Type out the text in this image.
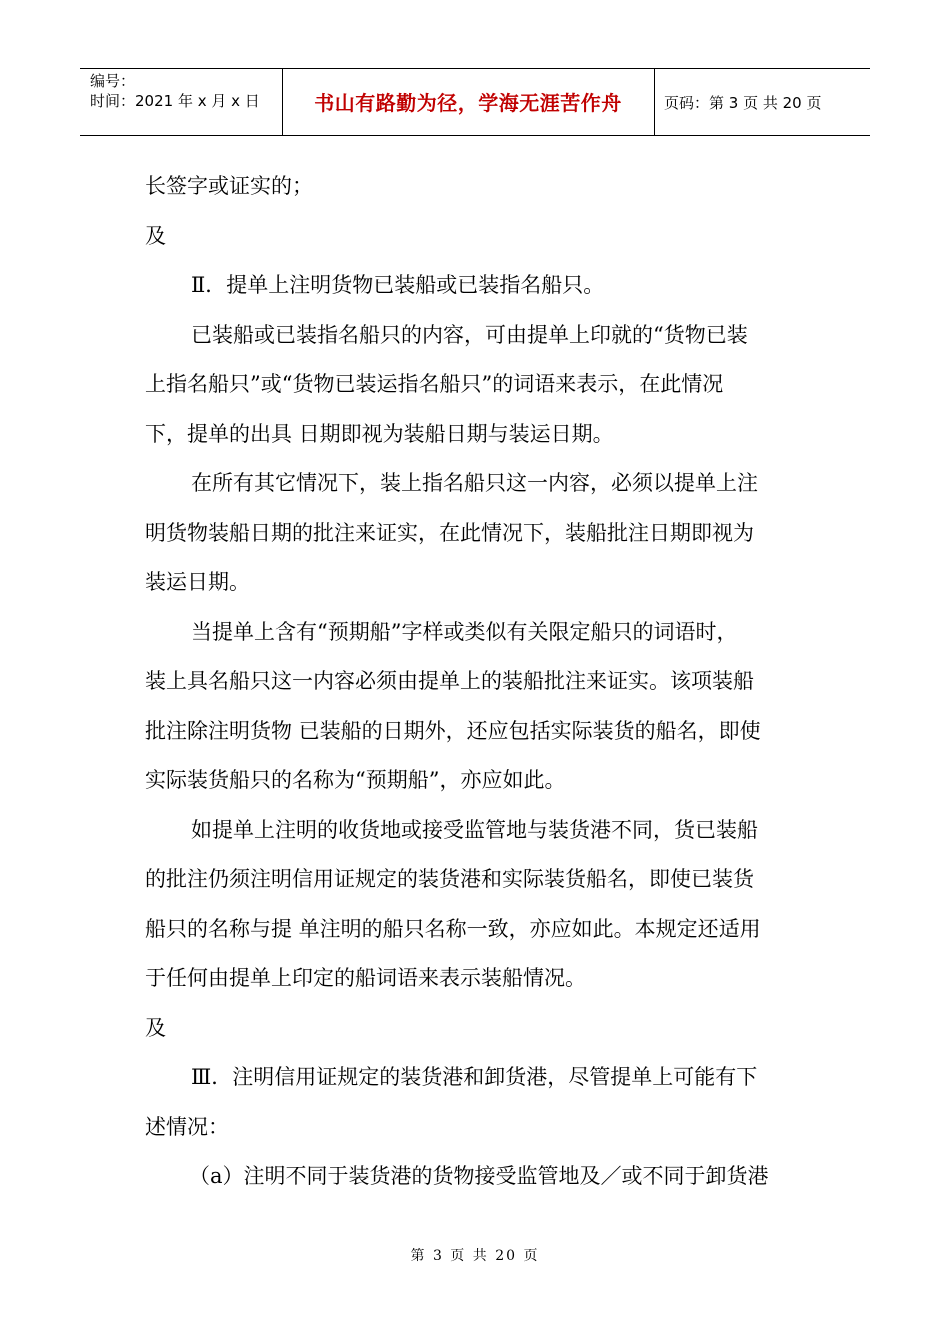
编号：
时间：2021 年 x 月 x 日	书山有路勤为径，学海无涯苦作舟	页码：第 3 页 共 20 页
长签字或证实的；
及
Ⅱ．提单上注明货物已装船或已装指名船只。
已装船或已装指名船只的内容，可由提单上印就的“货物已装
上指名船只”或“货物已装运指名船只”的词语来表示，在此情况
下，提单的出具 日期即视为装船日期与装运日期。
在所有其它情况下，装上指名船只这一内容，必须以提单上注
明货物装船日期的批注来证实，在此情况下，装船批注日期即视为
装运日期。
当提单上含有“预期船”字样或类似有关限定船只的词语时，
装上具名船只这一内容必须由提单上的装船批注来证实。该项装船
批注除注明货物 已装船的日期外，还应包括实际装货的船名，即使
实际装货船只的名称为“预期船”，亦应如此。
如提单上注明的收货地或接受监管地与装货港不同，货已装船
的批注仍须注明信用证规定的装货港和实际装货船名，即使已装货
船只的名称与提 单注明的船只名称一致，亦应如此。本规定还适用
于任何由提单上印定的船词语来表示装船情况。
及
Ⅲ．注明信用证规定的装货港和卸货港，尽管提单上可能有下
述情况：
（a）注明不同于装货港的货物接受监管地及／或不同于卸货港
第 3 页 共 20 页
